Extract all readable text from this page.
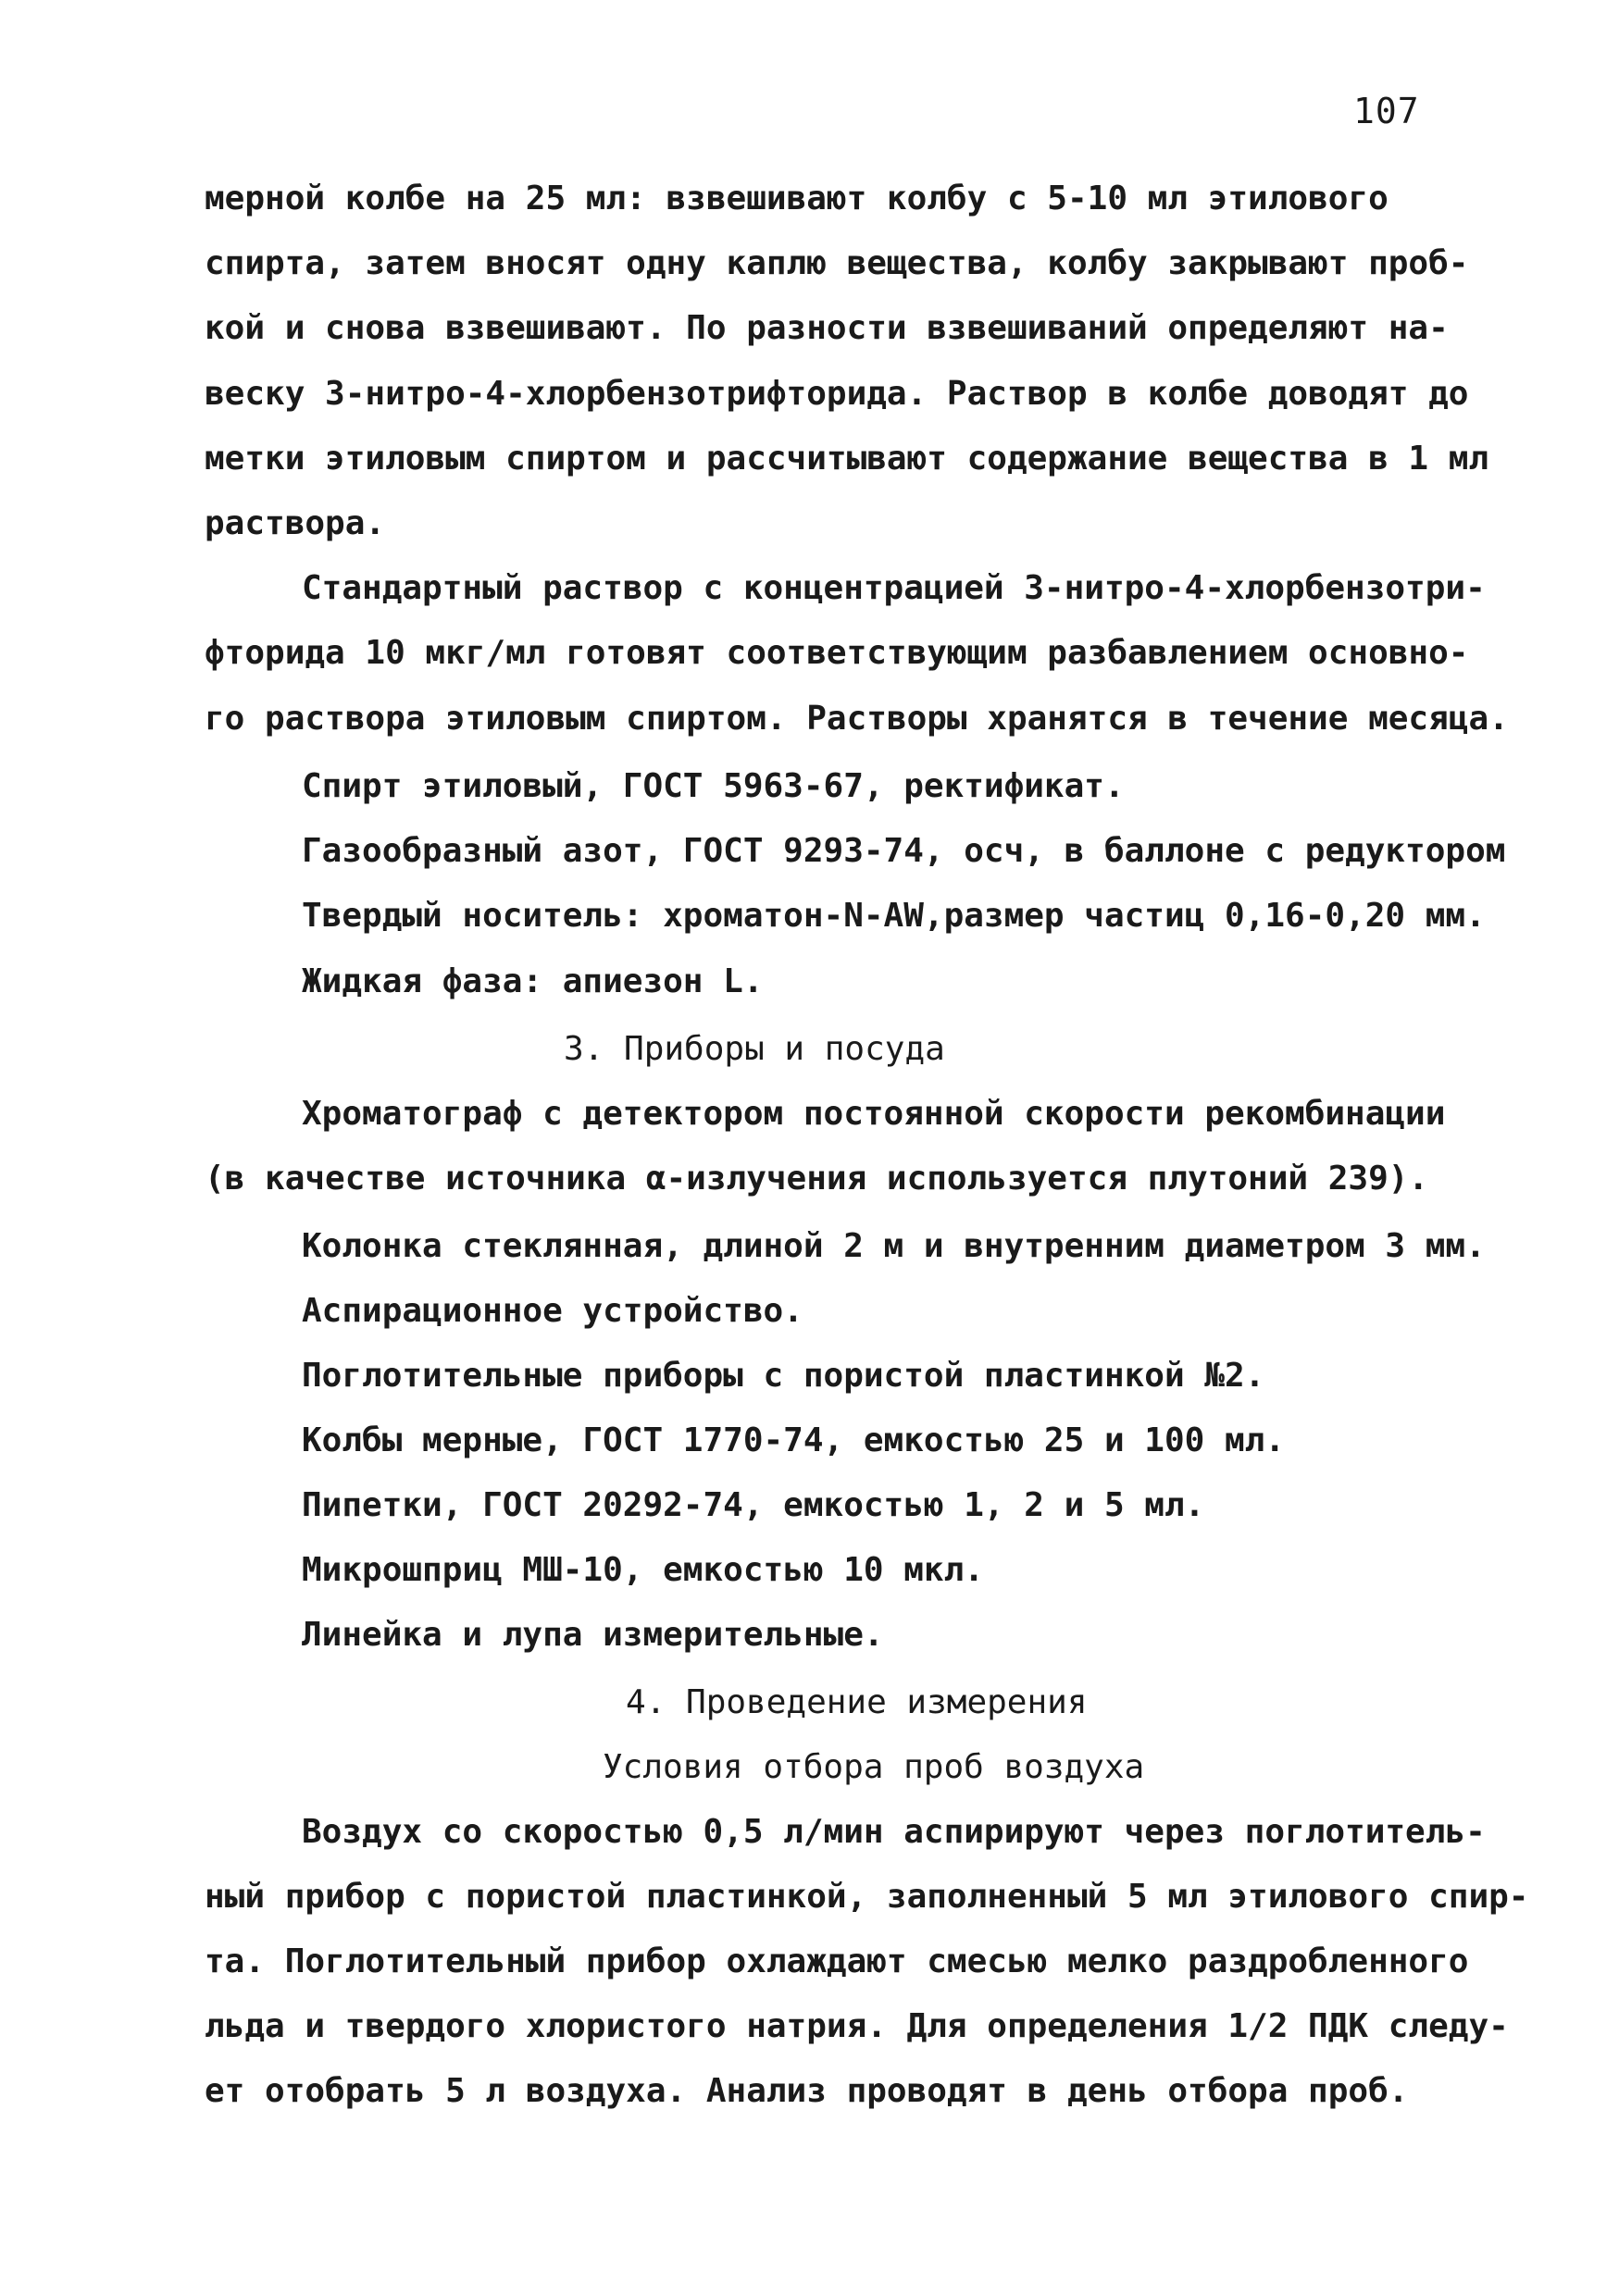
107
мерной колбе на 25 мл: взвешивают колбу с 5-10 мл этилового
спирта, затем вносят одну каплю вещества, колбу закрывают проб-
кой и снова взвешивают. По разности взвешиваний определяют на-
веску 3-нитро-4-хлорбензотрифторида. Раствор в колбе доводят до
метки этиловым спиртом и рассчитывают содержание вещества в 1 мл
раствора.
Стандартный раствор с концентрацией 3-нитро-4-хлорбензотри-
фторида 10 мкг/мл готовят соответствующим разбавлением основно-
го раствора этиловым спиртом. Растворы хранятся в течение месяца.
Спирт этиловый, ГОСТ 5963-67, ректификат.
Газообразный азот, ГОСТ 9293-74, осч, в баллоне с редуктором
Твердый носитель: хроматон-N-AW,размер частиц 0,16-0,20 мм.
Жидкая фаза: апиезон L.
3. Приборы и посуда
Хроматограф с детектором постоянной скорости рекомбинации
(в качестве источника α-излучения используется плутоний 239).
Колонка стеклянная, длиной 2 м и внутренним диаметром 3 мм.
Аспирационное устройство.
Поглотительные приборы с пористой пластинкой №2.
Колбы мерные, ГОСТ 1770-74, емкостью 25 и 100 мл.
Пипетки, ГОСТ 20292-74, емкостью 1, 2 и 5 мл.
Микрошприц МШ-10, емкостью 10 мкл.
Линейка и лупа измерительные.
4. Проведение измерения
Условия отбора проб воздуха
Воздух со скоростью 0,5 л/мин аспирируют через поглотитель-
ный прибор с пористой пластинкой, заполненный 5 мл этилового спир-
та. Поглотительный прибор охлаждают смесью мелко раздробленного
льда и твердого хлористого натрия. Для определения 1/2 ПДК следу-
ет отобрать 5 л воздуха. Анализ проводят в день отбора проб.
